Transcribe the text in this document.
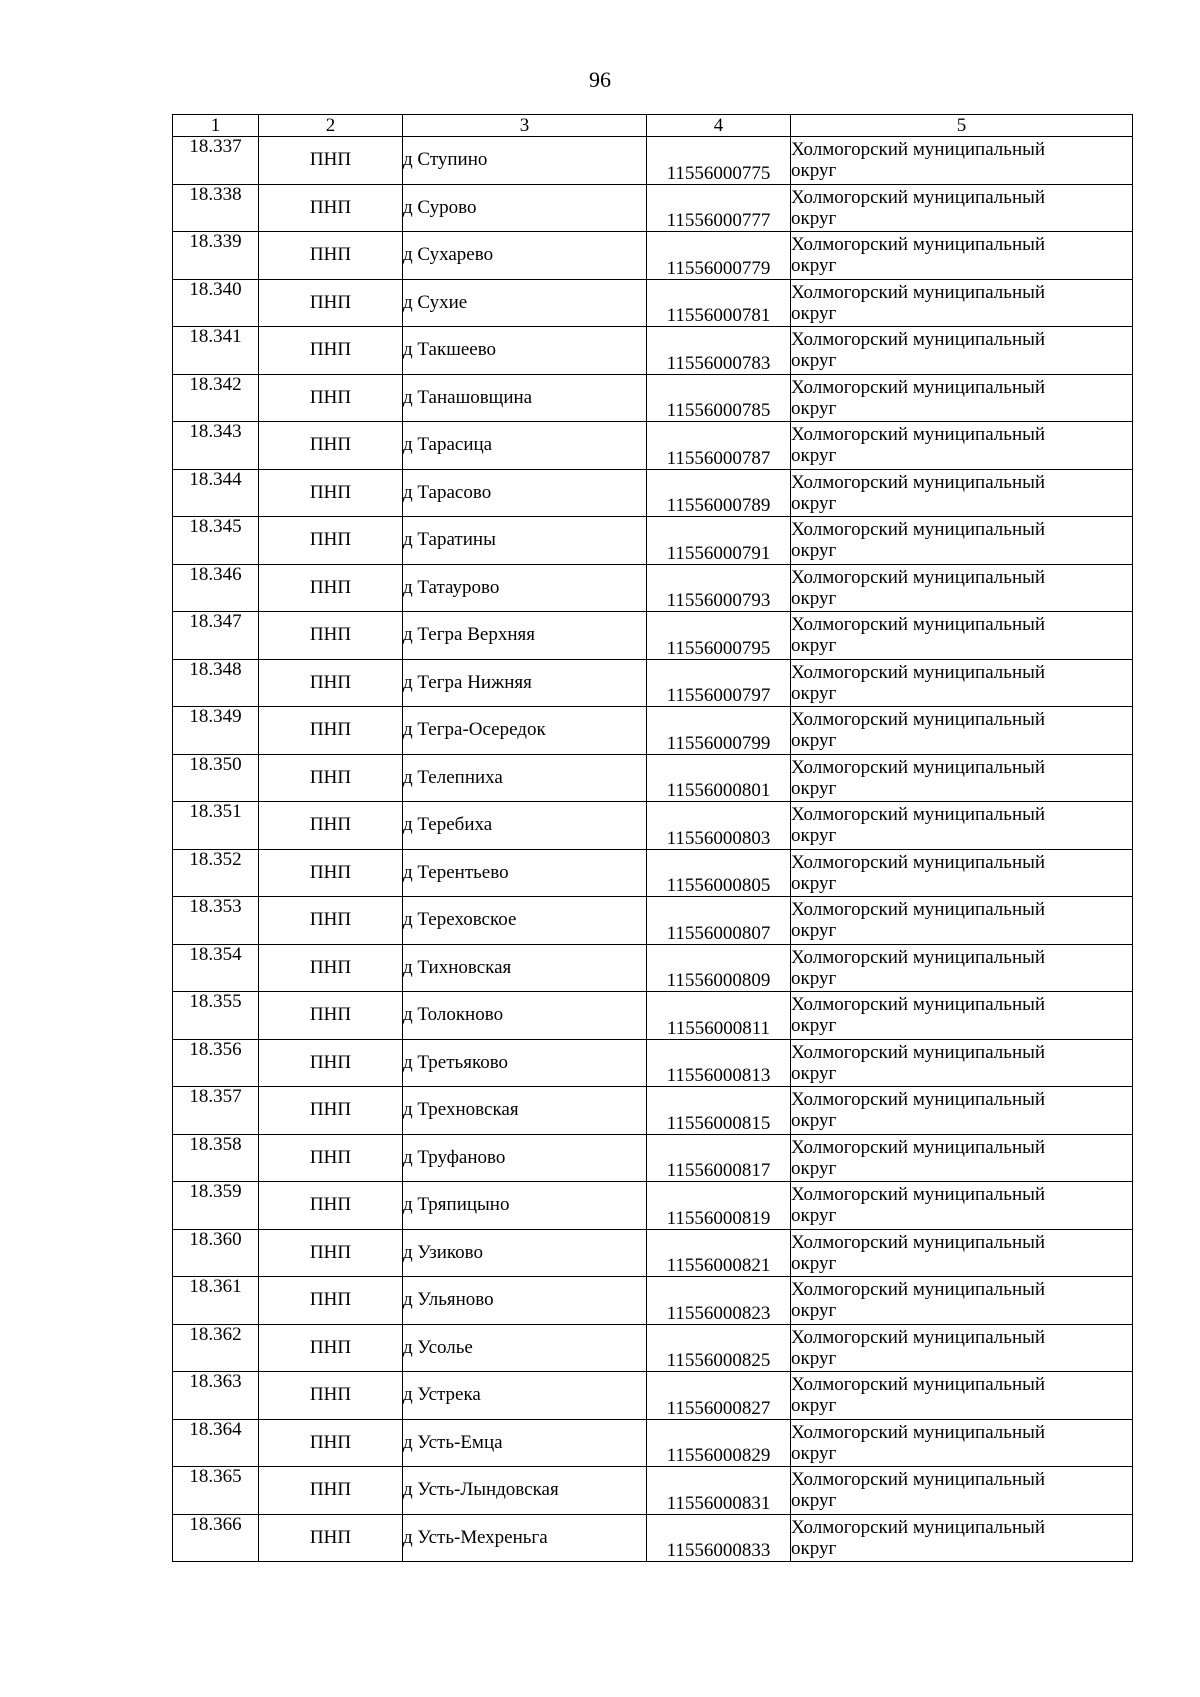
96
1	2	3	4	5
18.337	ПНП	д Ступино	11556000775	Холмогорский муниципальный
округ

18.338	ПНП	д Сурово	11556000777	Холмогорский муниципальный
округ

18.339	ПНП	д Сухарево	11556000779	Холмогорский муниципальный
округ

18.340	ПНП	д Сухие	11556000781	Холмогорский муниципальный
округ

18.341	ПНП	д Такшеево	11556000783	Холмогорский муниципальный
округ

18.342	ПНП	д Танашовщина	11556000785	Холмогорский муниципальный
округ

18.343	ПНП	д Тарасица	11556000787	Холмогорский муниципальный
округ

18.344	ПНП	д Тарасово	11556000789	Холмогорский муниципальный
округ

18.345	ПНП	д Таратины	11556000791	Холмогорский муниципальный
округ

18.346	ПНП	д Татаурово	11556000793	Холмогорский муниципальный
округ

18.347	ПНП	д Тегра Верхняя	11556000795	Холмогорский муниципальный
округ

18.348	ПНП	д Тегра Нижняя	11556000797	Холмогорский муниципальный
округ

18.349	ПНП	д Тегра-Осередок	11556000799	Холмогорский муниципальный
округ

18.350	ПНП	д Телепниха	11556000801	Холмогорский муниципальный
округ

18.351	ПНП	д Теребиха	11556000803	Холмогорский муниципальный
округ

18.352	ПНП	д Терентьево	11556000805	Холмогорский муниципальный
округ

18.353	ПНП	д Тереховское	11556000807	Холмогорский муниципальный
округ

18.354	ПНП	д Тихновская	11556000809	Холмогорский муниципальный
округ

18.355	ПНП	д Толокново	11556000811	Холмогорский муниципальный
округ

18.356	ПНП	д Третьяково	11556000813	Холмогорский муниципальный
округ

18.357	ПНП	д Трехновская	11556000815	Холмогорский муниципальный
округ

18.358	ПНП	д Труфаново	11556000817	Холмогорский муниципальный
округ

18.359	ПНП	д Тряпицыно	11556000819	Холмогорский муниципальный
округ

18.360	ПНП	д Узиково	11556000821	Холмогорский муниципальный
округ

18.361	ПНП	д Ульяново	11556000823	Холмогорский муниципальный
округ

18.362	ПНП	д Усолье	11556000825	Холмогорский муниципальный
округ

18.363	ПНП	д Устрека	11556000827	Холмогорский муниципальный
округ

18.364	ПНП	д Усть-Емца	11556000829	Холмогорский муниципальный
округ

18.365	ПНП	д Усть-Лындовская	11556000831	Холмогорский муниципальный
округ

18.366	ПНП	д Усть-Мехреньга	11556000833	Холмогорский муниципальный
округ
